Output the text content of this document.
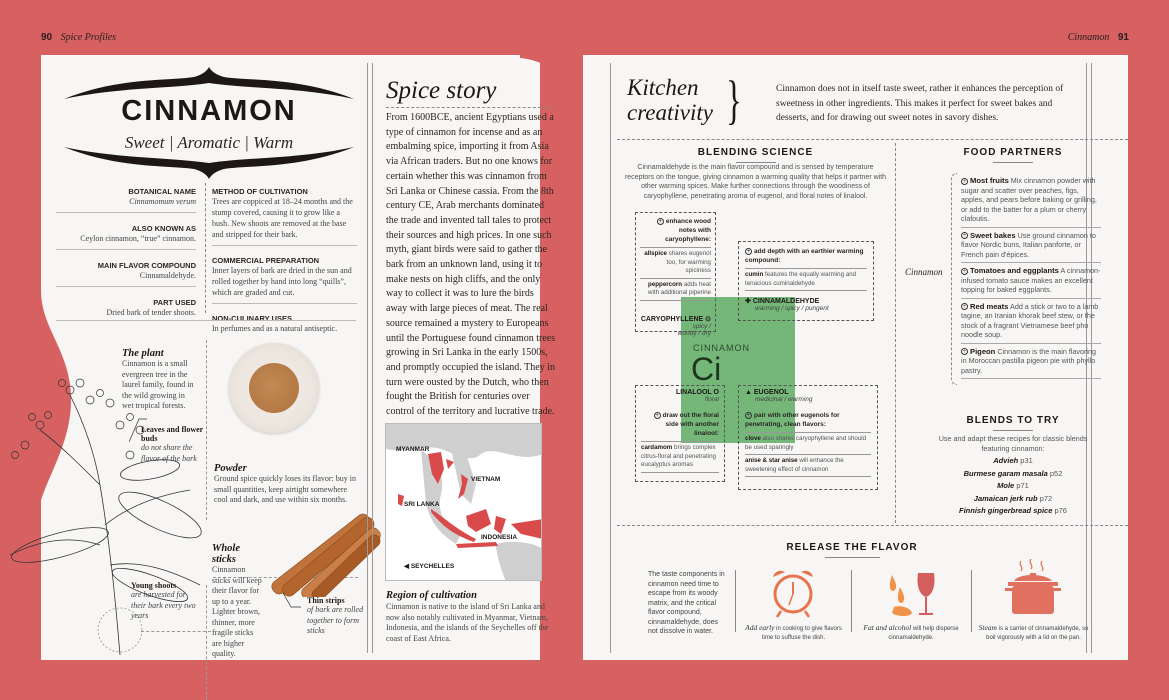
90 Spice Profiles	Cinnamon 91
CINNAMON
Sweet | Aromatic | Warm
BOTANICAL NAME
Cinnamomum verum
ALSO KNOWN AS
Ceylon cinnamon, “true” cinnamon.
MAIN FLAVOR COMPOUND
Cinnamaldehyde.
PART USED
Dried bark of tender shoots.
METHOD OF CULTIVATION
Trees are coppiced at 18–24 months and the stump covered, causing it to grow like a bush. New shoots are removed at the base and stripped for their bark.
COMMERCIAL PREPARATION
Inner layers of bark are dried in the sun and rolled together by hand into long “quills”, which are graded and cut.
NON-CULINARY USES
In perfumes and as a natural antiseptic.
The plant
Cinnamon is a small evergreen tree in the laurel family, found in the wild growing in wet tropical forests.
Leaves and flower buds
do not share the flavor of the bark
Young shoots
are harvested for their bark every two years
Powder
Ground spice quickly loses its flavor: buy in small quantities, keep airtight somewhere cool and dark, and use within six months.
Whole sticks
Cinnamon sticks will keep their flavor for up to a year. Lighter brown, thinner, more fragile sticks are higher quality.
Thin strips
of bark are rolled together to form sticks
Spice story
From 1600BCE, ancient Egyptians used a type of cinnamon for incense and as an embalming spice, importing it from Asia via African traders. But no one knows for certain whether this was cinnamon from Sri Lanka or Chinese cassia. From the 8th century CE, Arab merchants dominated the trade and invented tall tales to protect their sources and high prices. In one such myth, giant birds were said to gather the bark from an unknown land, using it to make nests on high cliffs, and the only way to collect it was to lure the birds away with large pieces of meat. The real source remained a mystery to Europeans until the Portuguese found cinnamon trees growing in Sri Lanka in the early 1500s, and promptly occupied the island. They in turn were ousted by the Dutch, who then fought the British for centuries over control of the territory and lucrative trade.
MYANMAR
VIETNAM
SRI LANKA
INDONESIA
◀ SEYCHELLES
Region of cultivation
Cinnamon is native to the island of Sri Lanka and now also notably cultivated in Myanmar, Vietnam, Indonesia, and the islands of the Seychelles off the coast of East Africa.
Kitchen
creativity }	Cinnamon does not in itself taste sweet, rather it enhances the perception of sweetness in other ingredients. This makes it perfect for sweet bakes and desserts, and for drawing out sweet notes in savory dishes.
BLENDING SCIENCE
Cinnamaldehyde is the main flavor compound and is sensed by temperature receptors on the tongue, giving cinnamon a warming quality that helps it partner with other warming spices. Make further connections through the woodiness of caryophyllene, penetrating aroma of eugenol, and floral notes of linalool.
CINNAMON
Ci
+ enhance wood notes with caryophyllene:
allspice shares eugenol too, for warming spiciness
peppercorn adds heat with additional piperine
CARYOPHYLLENE ⊙
spicy /
woody / dry
+ add depth with an earthier warming compound:
cumin features the equally warming and tenacious cuminaldehyde
✚ CINNAMALDEHYDE
warming / spicy / pungent
LINALOOL O
floral
+ draw out the floral side with another linalool:
cardamom brings complex citrus-floral and penetrating eucalyptus aromas
▲ EUGENOL
medicinal / warming
+ pair with other eugenols for penetrating, clean flavors:
clove also shares caryophyllene and should be used sparingly
anise & star anise will enhance the sweetening effect of cinnamon
FOOD PARTNERS
Cinnamon
+ Most fruits Mix cinnamon powder with sugar and scatter over peaches, figs, apples, and pears before baking or grilling, or add to the batter for a plum or cherry clafoutis.
+ Sweet bakes Use ground cinnamon to flavor Nordic buns, Italian panforte, or French pain d'épices.
+ Tomatoes and eggplants A cinnamon-infused tomato sauce makes an excellent topping for baked eggplants.
+ Red meats Add a stick or two to a lamb tagine, an Iranian khorak beef stew, or the stock of a fragrant Vietnamese beef pho noodle soup.
+ Pigeon Cinnamon is the main flavoring in Moroccan pastilla pigeon pie with phyllo pastry.
BLENDS TO TRY
Use and adapt these recipes for classic blends featuring cinnamon:
Advieh p31
Burmese garam masala p52
Mole p71
Jamaican jerk rub p72
Finnish gingerbread spice p76
RELEASE THE FLAVOR
The taste components in cinnamon need time to escape from its woody matrix, and the critical flavor compound, cinnamaldehyde, does not dissolve in water.	Add early in cooking to give flavors time to suffuse the dish.
Fat and alcohol will help disperse cinnamaldehyde.
Steam is a carrier of cinnamaldehyde, so boil vigorously with a lid on the pan.
